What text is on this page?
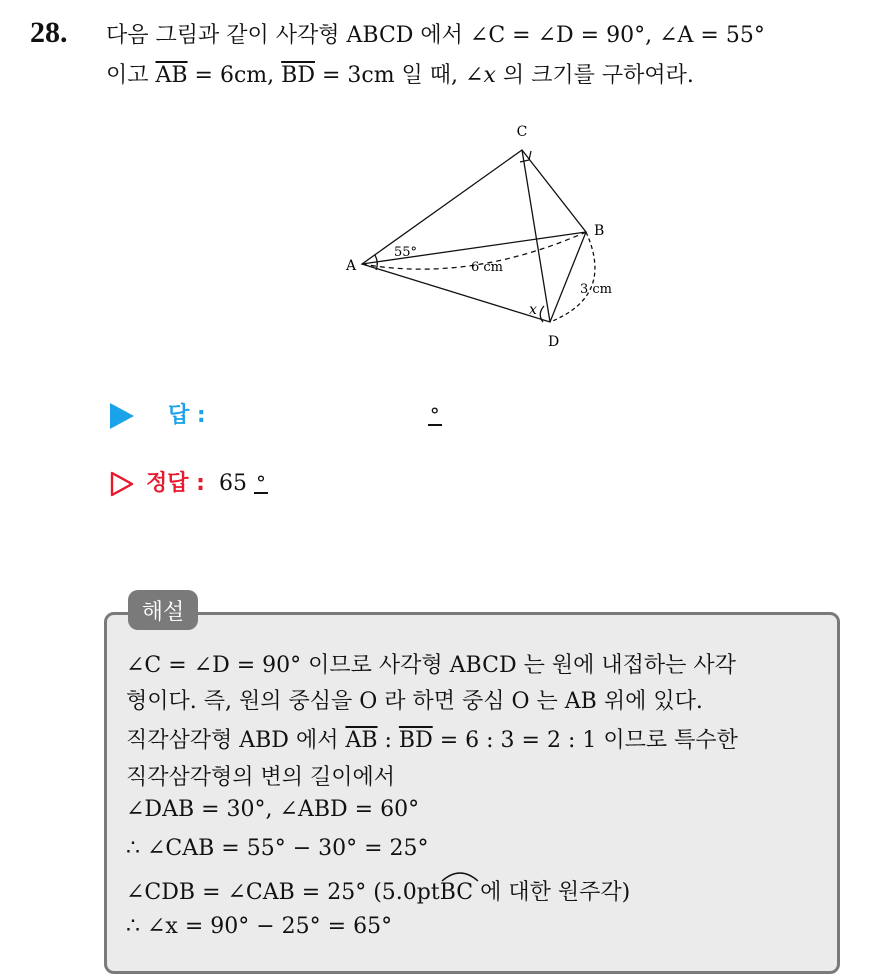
28. 다음 그림과 같이 사각형 ABCD 에서 ∠C = ∠D = 90°, ∠A = 55°
이고 $\overline{AB} = 6cm$, $\overline{BD} = 3cm$ 일 때, ∠x 의 크기를 구하여라.
C
B
A
D
55°
6 cm
3 cm
x
답 :	°
정답 : 65 °
해설
∠C = ∠D = 90° 이므로 사각형 ABCD 는 원에 내접하는 사각
형이다. 즉, 원의 중심을 O 라 하면 중심 O 는 AB 위에 있다.
직각삼각형 ABD 에서 $\overline{AB}$ : $\overline{BD} = 6$ : 3 = 2 : 1 이므로 특수한
직각삼각형의 변의 길이에서
∠DAB = 30°, ∠ABD = 60°
∴ ∠CAB = 55° − 30° = 25°
∠CDB = ∠CAB = 25° (5.0pt
BC 에 대한 원주각)
∴ ∠x = 90° − 25° = 65°
